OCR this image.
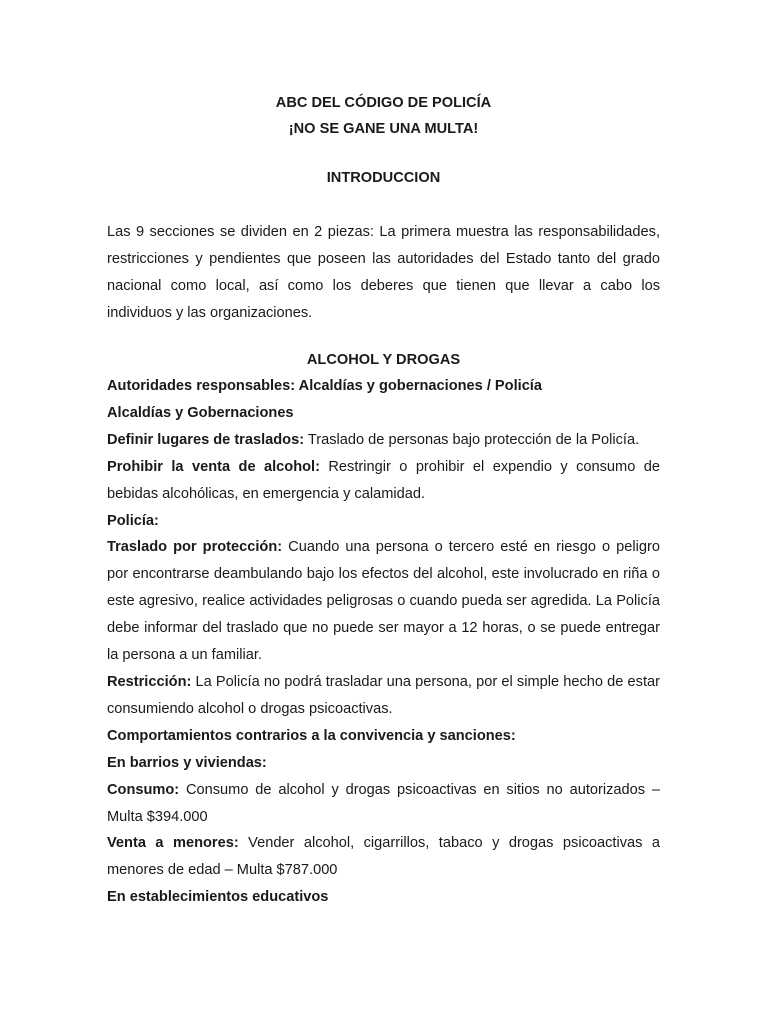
ABC DEL CÓDIGO DE POLICÍA
¡NO SE GANE UNA MULTA!
INTRODUCCION
Las 9 secciones se dividen en 2 piezas: La primera muestra las responsabilidades, restricciones y pendientes que poseen las autoridades del Estado tanto del grado nacional como local, así como los deberes que tienen que llevar a cabo los individuos y las organizaciones.
ALCOHOL Y DROGAS
Autoridades responsables: Alcaldías y gobernaciones / Policía
Alcaldías y Gobernaciones
Definir lugares de traslados: Traslado de personas bajo protección de la Policía.
Prohibir la venta de alcohol: Restringir o prohibir el expendio y consumo de bebidas alcohólicas, en emergencia y calamidad.
Policía:
Traslado por protección: Cuando una persona o tercero esté en riesgo o peligro por encontrarse deambulando bajo los efectos del alcohol, este involucrado en riña o este agresivo, realice actividades peligrosas o cuando pueda ser agredida. La Policía debe informar del traslado que no puede ser mayor a 12 horas, o se puede entregar la persona a un familiar.
Restricción: La Policía no podrá trasladar una persona, por el simple hecho de estar consumiendo alcohol o drogas psicoactivas.
Comportamientos contrarios a la convivencia y sanciones:
En barrios y viviendas:
Consumo: Consumo de alcohol y drogas psicoactivas en sitios no autorizados – Multa $394.000
Venta a menores: Vender alcohol, cigarrillos, tabaco y drogas psicoactivas a menores de edad – Multa $787.000
En establecimientos educativos
